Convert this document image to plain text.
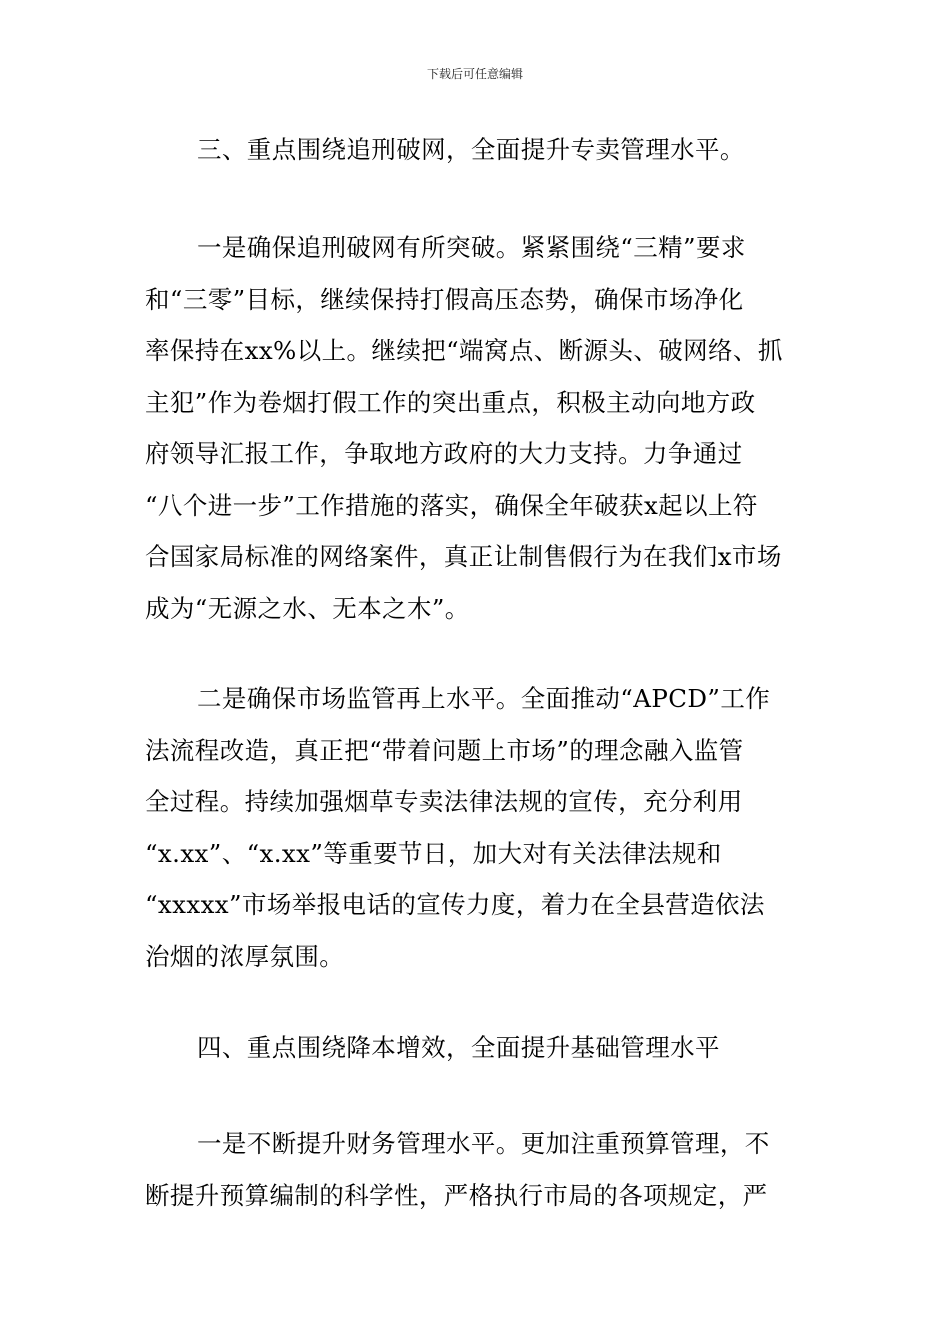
下载后可任意编辑

三、重点围绕追刑破网，全面提升专卖管理水平。

一是确保追刑破网有所突破。紧紧围绕“三精”要求
和“三零”目标，继续保持打假高压态势，确保市场净化
率保持在xx%以上。继续把“端窝点、断源头、破网络、抓
主犯”作为卷烟打假工作的突出重点，积极主动向地方政
府领导汇报工作，争取地方政府的大力支持。力争通过
“八个进一步”工作措施的落实，确保全年破获x起以上符
合国家局标准的网络案件，真正让制售假行为在我们x市场
成为“无源之水、无本之木”。
二是确保市场监管再上水平。全面推动“APCD”工作
法流程改造，真正把“带着问题上市场”的理念融入监管
全过程。持续加强烟草专卖法律法规的宣传，充分利用
“x.xx”、“x.xx”等重要节日，加大对有关法律法规和
“xxxxx”市场举报电话的宣传力度，着力在全县营造依法
治烟的浓厚氛围。

四、重点围绕降本增效，全面提升基础管理水平

一是不断提升财务管理水平。更加注重预算管理，不
断提升预算编制的科学性，严格执行市局的各项规定，严
